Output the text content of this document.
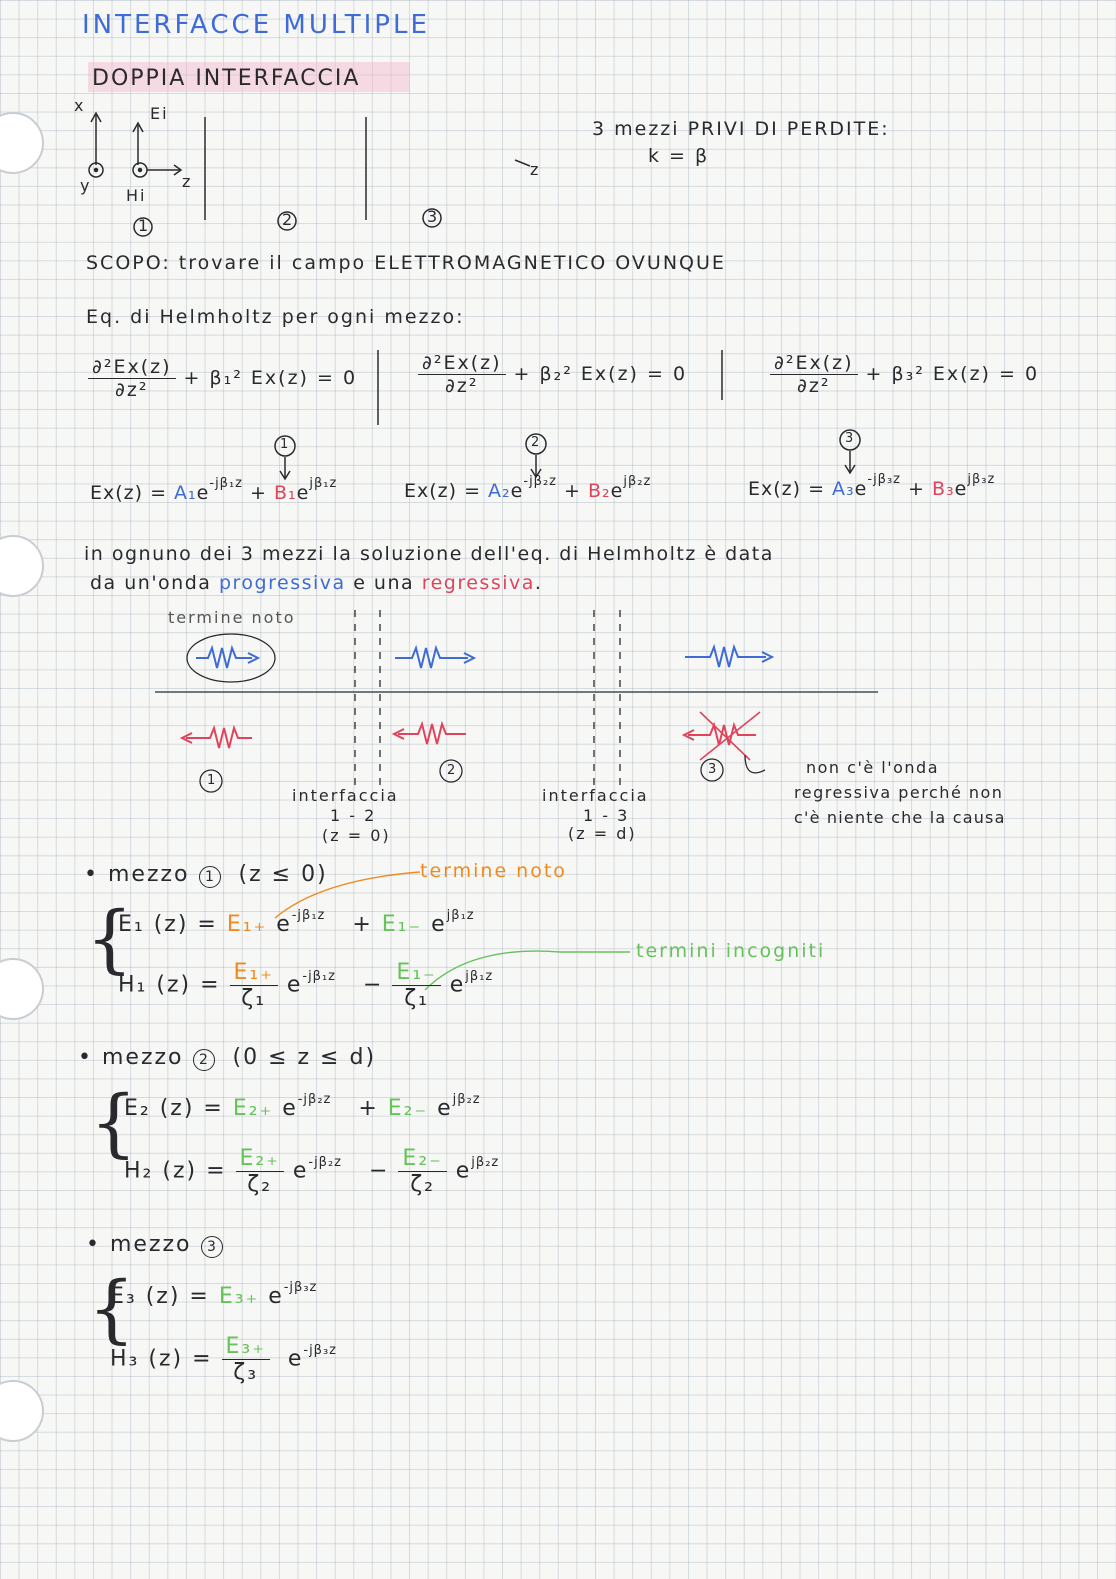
INTERFACCE MULTIPLE
DOPPIA INTERFACCIA
x
y	z
z
Ei
Hi
1	2	3
3 mezzi PRIVI DI PERDITE:
k = β
SCOPO: trovare il campo ELETTROMAGNETICO OVUNQUE
Eq. di Helmholtz per ogni mezzo:
$\frac{\text{∂²Ex(z)}}{\text{∂z²}} + \beta_1^2$ Ex(z) = 0	$\frac{\text{∂²Ex(z)}}{\text{∂z²}} + \beta_2^2$ Ex(z) = 0	$\frac{\text{∂²Ex(z)}}{\text{∂z²}} + \beta_3^2$ Ex(z) = 0
1	2	3
$Ex(z) = A_1e^{-j\beta_1z} + B_1e^{j\beta_1z}$	$Ex(z) = A_2e^{-j\beta_2z} + B_2e^{j\beta_2z}$	$Ex(z) = A_3e^{-j\beta_3z} + B_3e^{j\beta_3z}$
in ognuno dei 3 mezzi la soluzione dell'eq. di Helmholtz è data
da un'onda progressiva e una regressiva.
termine noto
1
2	3
interfaccia
1 - 2
(z = 0)
interfaccia
1 - 3
(z = d)
non c'è l'onda
regressiva perché non
c'è niente che la causa
• mezzo 1 (z ≤ 0)	termine noto
termini incogniti
{
E₁ (z) = E₁₊ $e^{-j\beta_1z} + E_{1-}$ $e^{j\beta_1z}$
H₁ $(z) = \frac{\text{E₁₊}}{\text{ζ₁}} e^{-j\beta_1z} - \frac{\text{E₁₋}}{\text{ζ₁}} e^{j\beta_1z}$
• mezzo 2 (0 ≤ z ≤ d)
{
E₂ (z) = E₂₊ $e^{-j\beta_2z} + E_{2-}$ $e^{j\beta_2z}$
H₂ $(z) = \frac{\text{E₂₊}}{\text{ζ₂}} e^{-j\beta_2z} - \frac{\text{E₂₋}}{\text{ζ₂}} e^{j\beta_2z}$
• mezzo 3
{
E₃ (z) = E₃₊ $e^{-j\beta_3z}$
H₃ $(z) = \frac{\text{E₃₊}}{\text{ζ₃}} e^{-j\beta_3z}$
